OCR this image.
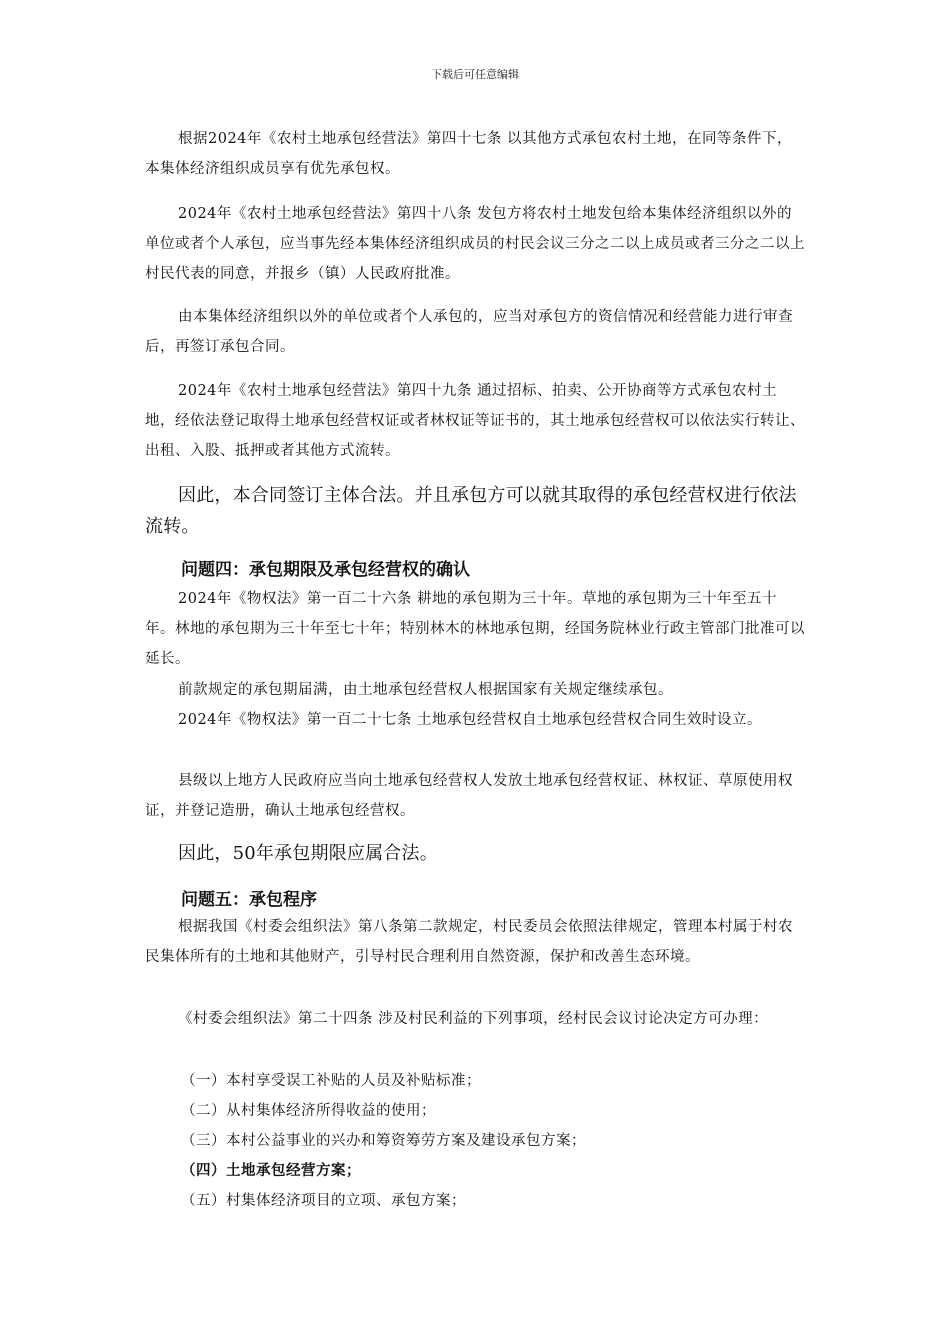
下载后可任意编辑

根据2024年《农村土地承包经营法》第四十七条 以其他方式承包农村土地，在同等条件下，本集体经济组织成员享有优先承包权。

2024年《农村土地承包经营法》第四十八条 发包方将农村土地发包给本集体经济组织以外的单位或者个人承包，应当事先经本集体经济组织成员的村民会议三分之二以上成员或者三分之二以上村民代表的同意，并报乡（镇）人民政府批准。

由本集体经济组织以外的单位或者个人承包的，应当对承包方的资信情况和经营能力进行审查后，再签订承包合同。

2024年《农村土地承包经营法》第四十九条 通过招标、拍卖、公开协商等方式承包农村土地，经依法登记取得土地承包经营权证或者林权证等证书的，其土地承包经营权可以依法实行转让、出租、入股、抵押或者其他方式流转。

因此，本合同签订主体合法。并且承包方可以就其取得的承包经营权进行依法流转。

问题四：承包期限及承包经营权的确认

2024年《物权法》第一百二十六条 耕地的承包期为三十年。草地的承包期为三十年至五十年。林地的承包期为三十年至七十年；特别林木的林地承包期，经国务院林业行政主管部门批准可以延长。

前款规定的承包期届满，由土地承包经营权人根据国家有关规定继续承包。

2024年《物权法》第一百二十七条 土地承包经营权自土地承包经营权合同生效时设立。

县级以上地方人民政府应当向土地承包经营权人发放土地承包经营权证、林权证、草原使用权证，并登记造册，确认土地承包经营权。

因此，50年承包期限应属合法。

问题五：承包程序

根据我国《村委会组织法》第八条第二款规定，村民委员会依照法律规定，管理本村属于村农民集体所有的土地和其他财产，引导村民合理利用自然资源，保护和改善生态环境。

《村委会组织法》第二十四条 涉及村民利益的下列事项，经村民会议讨论决定方可办理：

（一）本村享受误工补贴的人员及补贴标准；

（二）从村集体经济所得收益的使用；

（三）本村公益事业的兴办和筹资筹劳方案及建设承包方案；

（四）土地承包经营方案；

（五）村集体经济项目的立项、承包方案；
